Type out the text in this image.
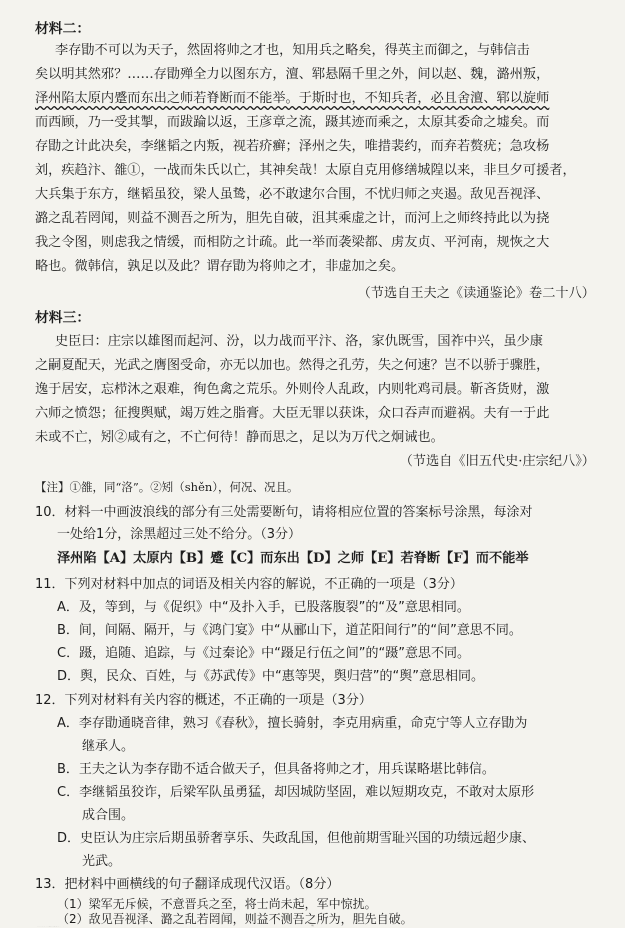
材料二：
李存勖不可以为天子，然固将帅之才也，知用兵之略矣，得英主而御之，与韩信击
矣以明其然邪？……存勖殚全力以图东方，澶、郓悬隔千里之外，间以赵、魏，潞州叛，
泽州陷太原内蹙而东出之师若脊断而不能举。于斯时也，不知兵者，必且舍澶、郓以旋师
而西顾，乃一受其掣，而跋踚以返，王彦章之流，蹑其迹而乘之，太原其委命之墟矣。而
存勖之计此决矣，李继韬之内叛，视若疥癣；泽州之失，唯措裴约，而弃若赘疣；急攻杨
刘，疾趋汴、雒①，一战而朱氏以亡，其神矣哉！太原自克用修缮城隍以来，非旦夕可援者，
大兵集于东方，继韬虽狡，梁人虽鸷，必不敢逮尔合围，不忧归师之夹遏。敌见吾视泽、
潞之乱若罔闻，则益不测吾之所为，胆先自破，沮其乘虚之计，而河上之师终持此以为挠
我之令图，则虑我之情缓，而相防之计疏。此一举而袭梁都、虏友贞、平河南，规恢之大
略也。微韩信，孰足以及此？谓存勖为将帅之才，非虚加之矣。
（节选自王夫之《读通鉴论》卷二十八）
材料三：
史臣曰：庄宗以雄图而起河、汾，以力战而平汴、洛，家仇既雪，国祚中兴，虽少康
之嗣夏配天，光武之膺图受命，亦无以加也。然得之孔劳，失之何速？岂不以骄于骤胜，
逸于居安，忘栉沐之艰难，徇色禽之荒乐。外则伶人乱政，内则牝鸡司晨。靳吝货财，激
六师之愤怨；征搜舆赋，竭万姓之脂膏。大臣无罪以获诛，众口吞声而避祸。夫有一于此
未或不亡，矧②咸有之，不亡何待！静而思之，足以为万代之炯诫也。
（节选自《旧五代史·庄宗纪八》）
【注】①雒，同“洛”。②矧（shěn），何况、况且。
10．材料一中画波浪线的部分有三处需要断句，请将相应位置的答案标号涂黑，每涂对
一处给1分，涂黑超过三处不给分。（3分）
泽州陷【A】太原内【B】蹙【C】而东出【D】之师【E】若脊断【F】而不能举
11．下列对材料中加点的词语及相关内容的解说，不正确的一项是（3分）
A．及，等到，与《促织》中“及扑入手，已股落腹裂”的“及”意思相同。
B．间，间隔、隔开，与《鸿门宴》中“从郦山下，道芷阳间行”的“间”意思不同。
C．蹑，追随、追踪，与《过秦论》中“蹑足行伍之间”的“蹑”意思不同。
D．舆，民众、百姓，与《苏武传》中“惠等哭，舆归营”的“舆”意思相同。
12．下列对材料有关内容的概述，不正确的一项是（3分）
A．李存勖通晓音律，熟习《春秋》，擅长骑射，李克用病重，命克宁等人立存勖为
继承人。
B．王夫之认为李存勖不适合做天子，但具备将帅之才，用兵谋略堪比韩信。
C．李继韬虽狡诈，后梁军队虽勇猛，却因城防坚固，难以短期攻克，不敢对太原形
成合围。
D．史臣认为庄宗后期虽骄奢享乐、失政乱国，但他前期雪耻兴国的功绩远超少康、
光武。
13．把材料中画横线的句子翻译成现代汉语。（8分）
（1）梁军无斥候，不意晋兵之至，将士尚未起，军中惊扰。
（2）敌见吾视泽、潞之乱若罔闻，则益不测吾之所为，胆先自破。
14．请结合材料，分析庄宗“得之孔劳，失之何速”的原因。（4分）	语文
